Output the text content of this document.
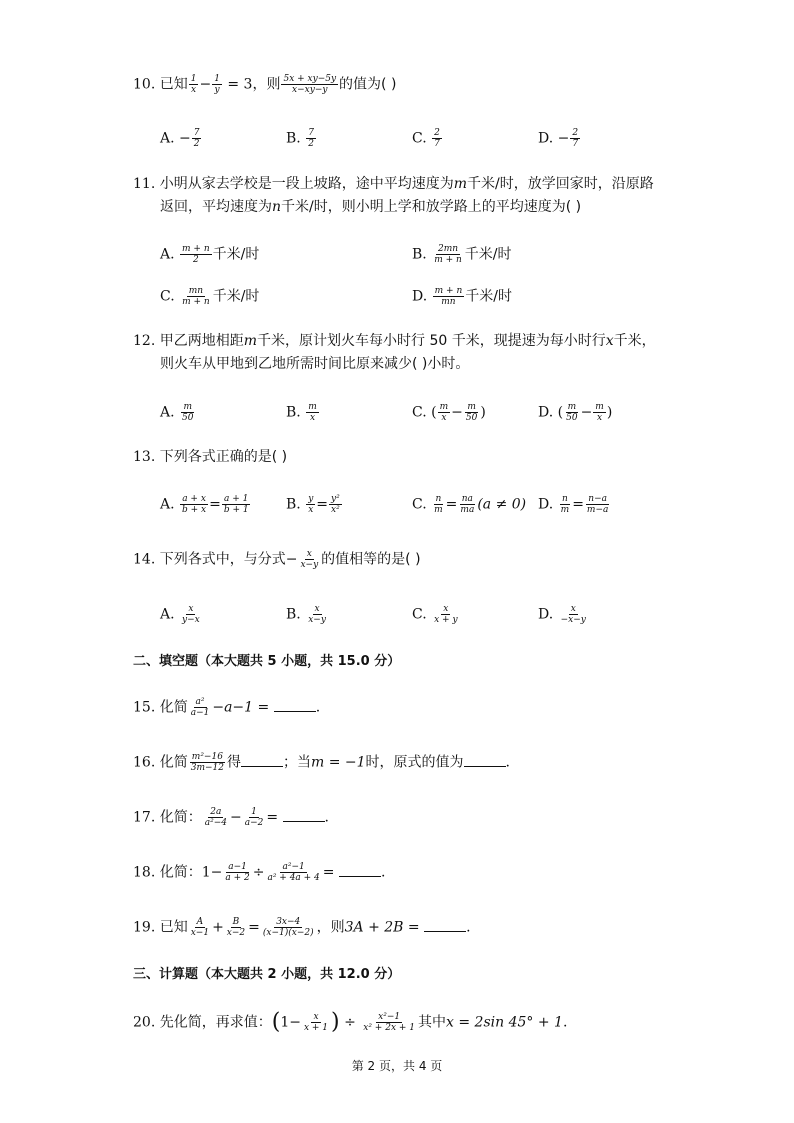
10. 已知 $\frac{1}{x} - \frac{1}{y} = 3$，则 $\frac{5x + xy-5y}{x-xy-y}$ 的值为( )
A. − $\frac{7}{2}$	B. $\frac{7}{2}$	C. $\frac{2}{7}$	D. − $\frac{2}{7}$
11. 小明从家去学校是一段上坡路，途中平均速度为m千米/时，放学回家时，沿原路
返回，平均速度为n千米/时，则小明上学和放学路上的平均速度为( )
A. $\frac{m + n}{2}$ 千米/时	B. $\frac{2mn}{m + n}$ 千米/时
C. $\frac{mn}{m + n}$ 千米/时	D. $\frac{m + n}{mn}$ 千米/时
12. 甲乙两地相距m千米，原计划火车每小时行 50 千米，现提速为每小时行x千米，
则火车从甲地到乙地所需时间比原来减少( )小时。
A. $\frac{m}{50}$	B. $\frac{m}{x}$	C. ( $\frac{m}{x} - \frac{m}{50}$ )	D. ( $\frac{m}{50} - \frac{m}{x}$ )
13. 下列各式正确的是( )
A. $\frac{a + x}{b + x} = \frac{a + 1}{b + 1}$	B. $\frac{y}{x} = \frac{\text{y²}}{\text{x²}}$	C. $\frac{n}{m} = \frac{na}{ma} (a \ne 0)$ D. $\frac{n}{m} = \frac{n-a}{m-a}$
14. 下列各式中，与分式− $\frac{x}{x-y}$ 的值相等的是( )
A. $\frac{x}{y-x}$	B. $\frac{x}{x-y}$	C. $\frac{x}{x + y}$	D. $\frac{x}{-x-y}$
二、填空题（本大题共 5 小题，共 15.0 分）
15. 化简 $\frac{\text{a²}}{a-1} -a-1$ =	.
16. 化简 $\frac{\text{m²−16}}{3m-12}$ 得	；当m = −1时，原式的值为	.
17. 化简： $\frac{2a}{\text{a²−4}} - \frac{1}{a-2}$ =	.
18. 化简：$1- \frac{a-1}{a + 2} \div \frac{\text{a²−1}}{\text{a² + 4a + 4}}$ =	.
19. 已知 $\frac{A}{x-1} + \frac{B}{x-2} = \frac{3x-4}{(x-1)(x-2)}$ ，则3A + 2B =	.
三、计算题（本大题共 2 小题，共 12.0 分）
20. 先化简，再求值：($1- \frac{x}{x + 1}$ ) ÷ $\frac{\text{x²−1}}{\text{x² + 2x + 1}}$ 其中x = 2sin 45° + 1.
第 2 页，共 4 页
